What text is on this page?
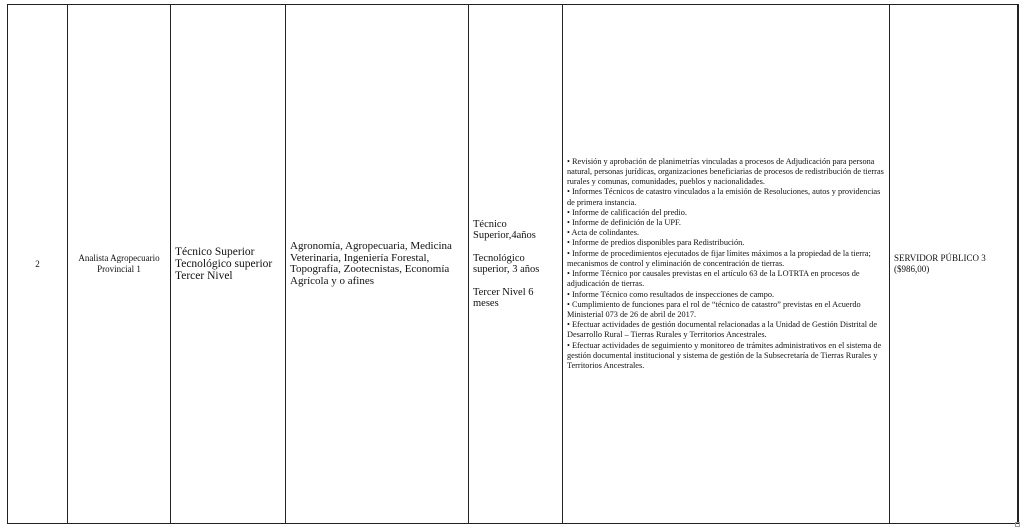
2	
Analista Agropecuario
Provincial 1

Técnico Superior
Tecnológico superior
Tercer Nivel

Agronomía, Agropecuaria, Medicina
Veterinaria, Ingeniería Forestal,
Topografía, Zootecnistas, Economía
Agrícola y o afines

Técnico
Superior,4años
Tecnológico
superior, 3 años
Tercer Nivel 6
meses

• Revisión y aprobación de planimetrías vinculadas a procesos de Adjudicación para persona natural, personas jurídicas, organizaciones beneficiarias de procesos de redistribución de tierras rurales y comunas, comunidades, pueblos y nacionalidades.
• Informes Técnicos de catastro vinculados a la emisión de Resoluciones, autos y providencias de primera instancia.
• Informe de calificación del predio.
• Informe de definición de la UPF.
• Acta de colindantes.
• Informe de predios disponibles para Redistribución.
• Informe de procedimientos ejecutados de fijar límites máximos a la propiedad de la tierra; mecanismos de control y eliminación de concentración de tierras.
• Informe Técnico por causales previstas en el artículo 63 de la LOTRTA en procesos de adjudicación de tierras.
• Informe Técnico como resultados de inspecciones de campo.
• Cumplimiento de funciones para el rol de “técnico de catastro” previstas en el Acuerdo Ministerial 073 de 26 de abril de 2017.
• Efectuar actividades de gestión documental relacionadas a la Unidad de Gestión Distrital de Desarrollo Rural – Tierras Rurales y Territorios Ancestrales.
• Efectuar actividades de seguimiento y monitoreo de trámites administrativos en el sistema de gestión documental institucional y sistema de gestión de la Subsecretaría de Tierras Rurales y Territorios Ancestrales.

SERVIDOR PÚBLICO 3
($986,00)
